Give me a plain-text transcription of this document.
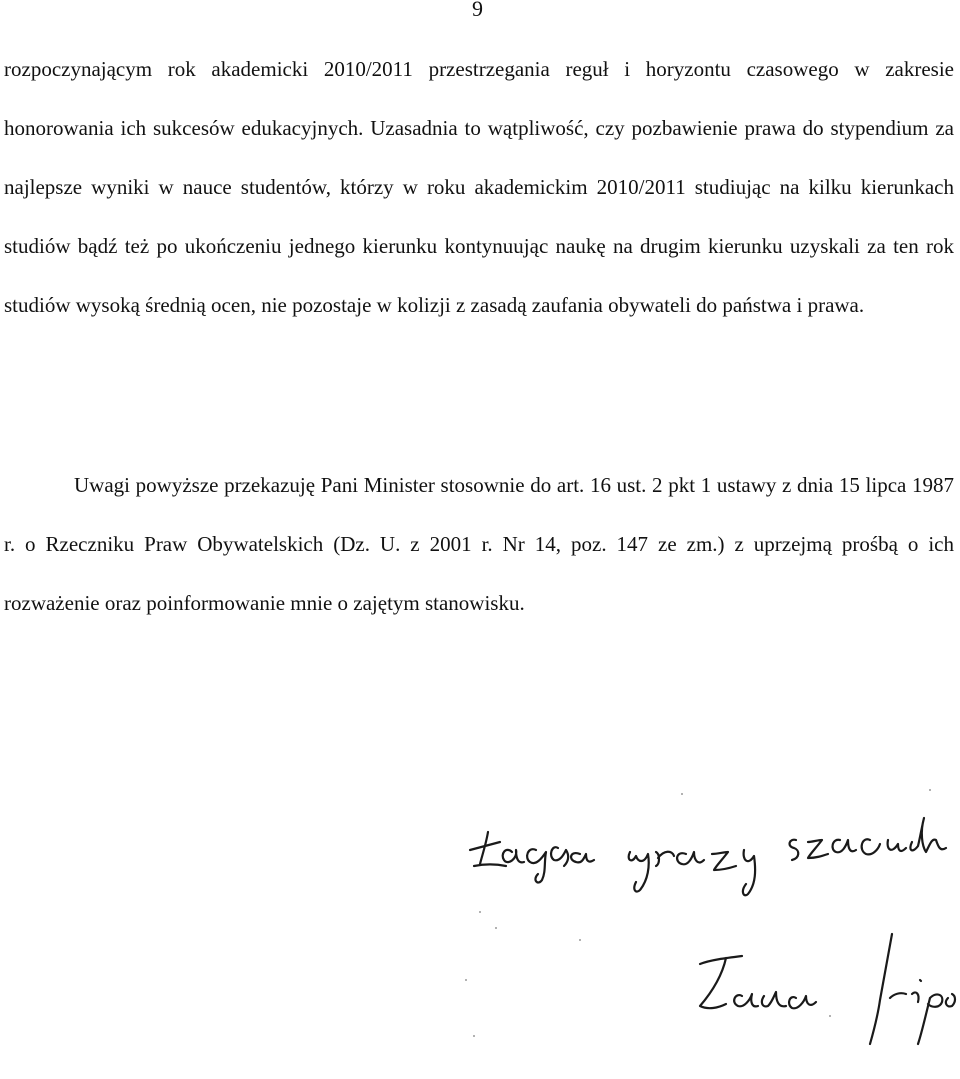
9
rozpoczynającym rok akademicki 2010/2011 przestrzegania reguł i horyzontu czasowego w zakresie honorowania ich sukcesów edukacyjnych. Uzasadnia to wątpliwość, czy pozbawienie prawa do stypendium za najlepsze wyniki w nauce studentów, którzy w roku akademickim 2010/2011 studiując na kilku kierunkach studiów bądź też po ukończeniu jednego kierunku kontynuując naukę na drugim kierunku uzyskali za ten rok studiów wysoką średnią ocen, nie pozostaje w kolizji z zasadą zaufania obywateli do państwa i prawa.
Uwagi powyższe przekazuję Pani Minister stosownie do art. 16 ust. 2 pkt 1 ustawy z dnia 15 lipca 1987 r. o Rzeczniku Praw Obywatelskich (Dz. U. z 2001 r. Nr 14, poz. 147 ze zm.) z uprzejmą prośbą o ich rozważenie oraz poinformowanie mnie o zajętym stanowisku.
